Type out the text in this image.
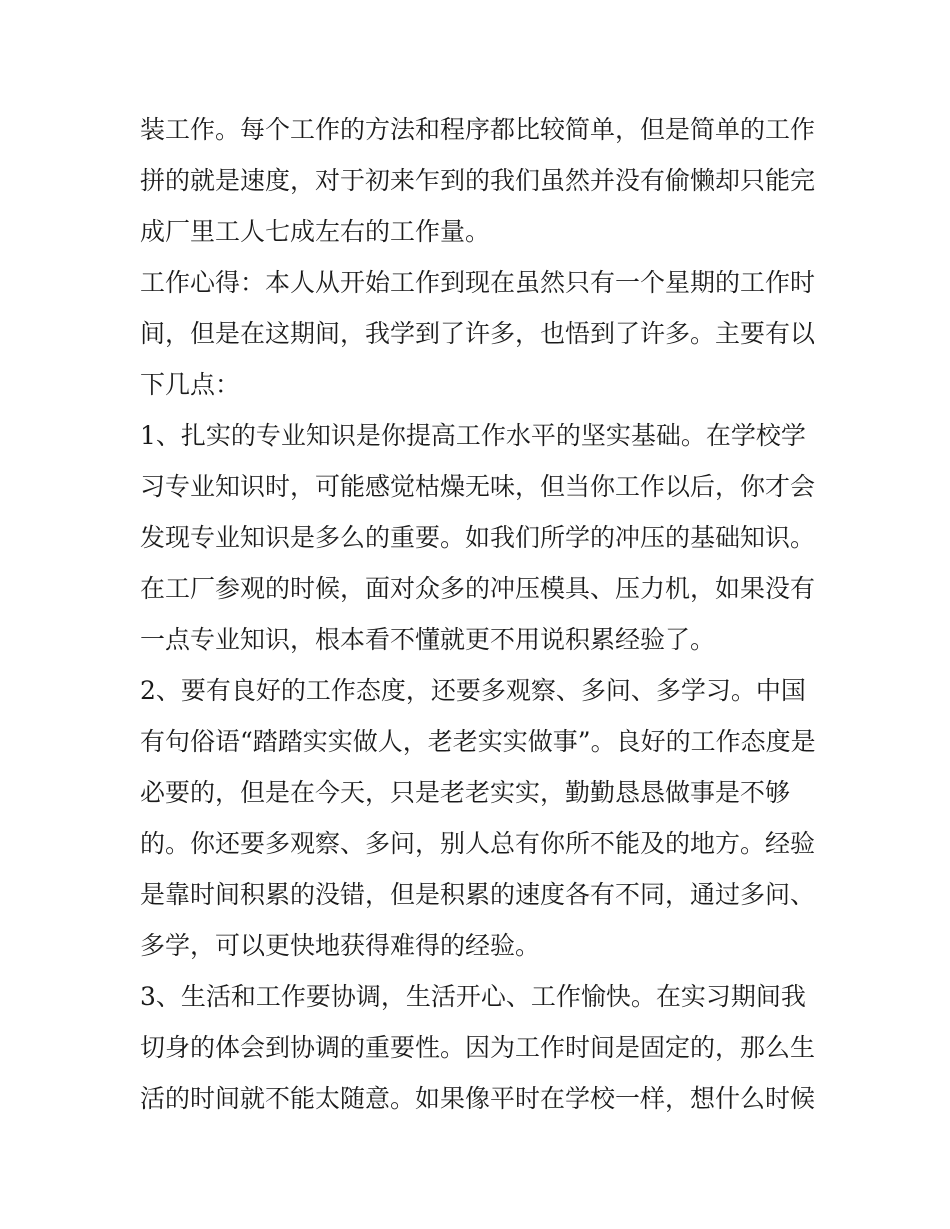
装工作。每个工作的方法和程序都比较简单，但是简单的工作
拼的就是速度，对于初来乍到的我们虽然并没有偷懒却只能完
成厂里工人七成左右的工作量。
工作心得：本人从开始工作到现在虽然只有一个星期的工作时
间，但是在这期间，我学到了许多，也悟到了许多。主要有以
下几点：
1、扎实的专业知识是你提高工作水平的坚实基础。在学校学
习专业知识时，可能感觉枯燥无味，但当你工作以后，你才会
发现专业知识是多么的重要。如我们所学的冲压的基础知识。
在工厂参观的时候，面对众多的冲压模具、压力机，如果没有
一点专业知识，根本看不懂就更不用说积累经验了。
2、要有良好的工作态度，还要多观察、多问、多学习。中国
有句俗语“踏踏实实做人，老老实实做事”。良好的工作态度是
必要的，但是在今天，只是老老实实，勤勤恳恳做事是不够
的。你还要多观察、多问，别人总有你所不能及的地方。经验
是靠时间积累的没错，但是积累的速度各有不同，通过多问、
多学，可以更快地获得难得的经验。
3、生活和工作要协调，生活开心、工作愉快。在实习期间我
切身的体会到协调的重要性。因为工作时间是固定的，那么生
活的时间就不能太随意。如果像平时在学校一样，想什么时候
